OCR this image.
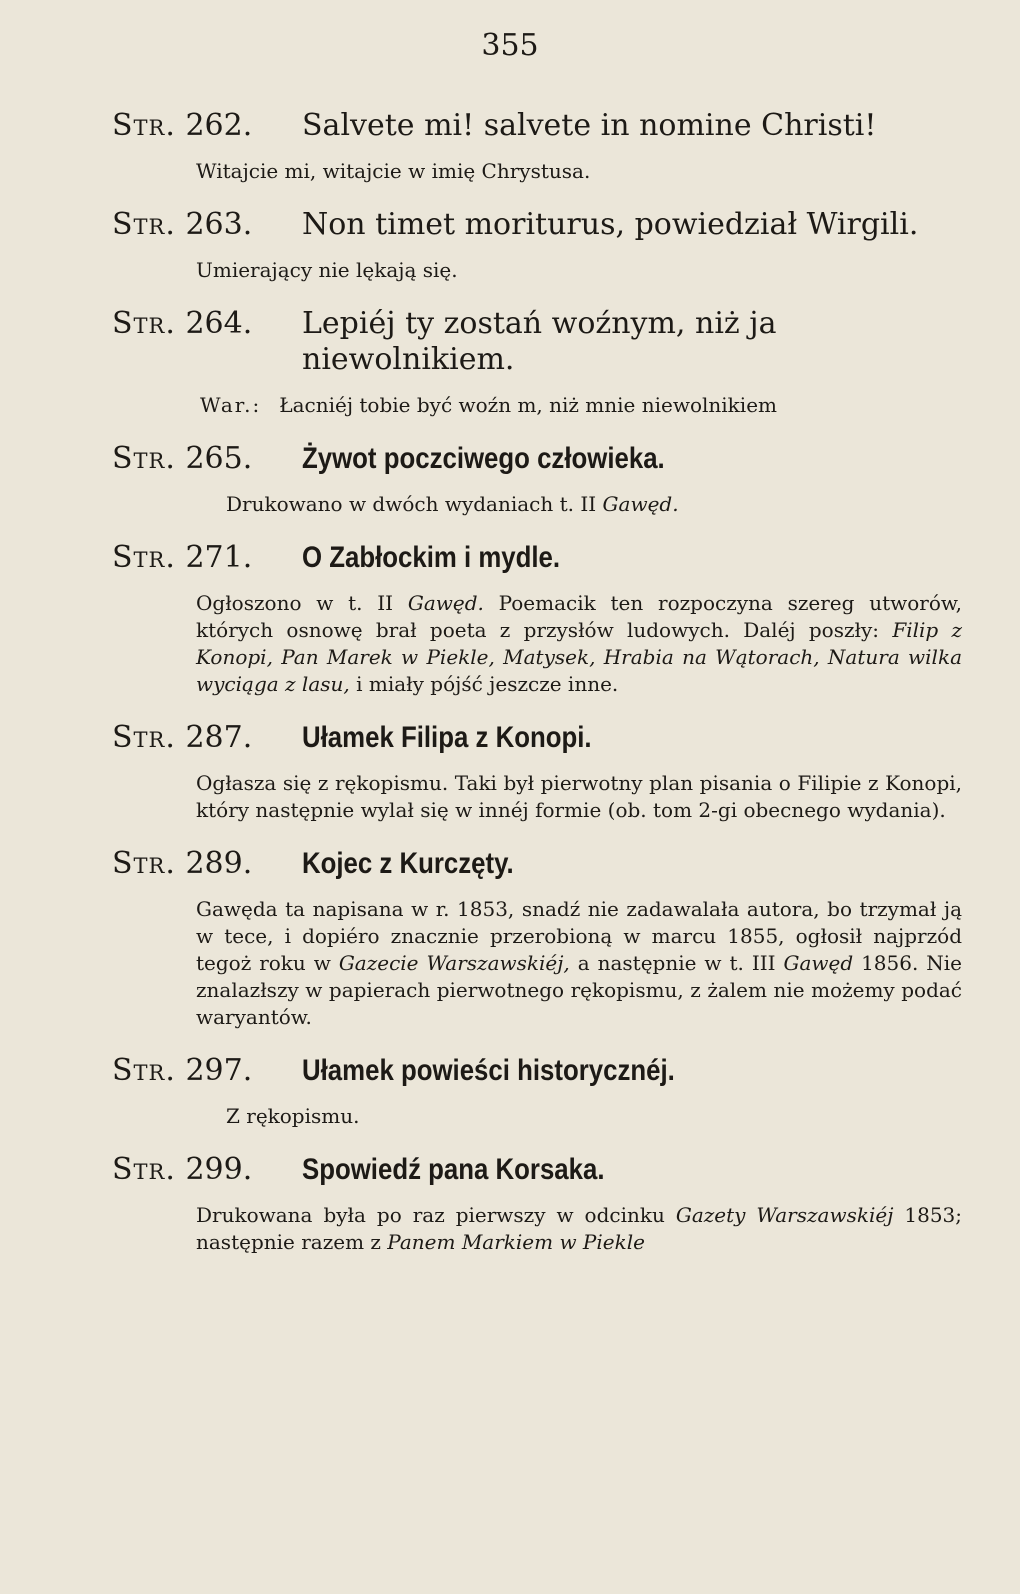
355
Str. 262.	Salvete mi! salvete in nomine Christi!
Witajcie mi, witajcie w imię Chrystusa.
Str. 263.	Non timet moriturus, powiedział Wirgili.
Umierający nie lękają się.
Str. 264.	Lepiéj ty zostań woźnym, niż ja niewolnikiem.
War.: Łacniéj tobie być woźn m, niż mnie niewolnikiem
Str. 265.	Żywot poczciwego człowieka.
Drukowano w dwóch wydaniach t. II Gawęd.
Str. 271.	O Zabłockim i mydle.
Ogłoszono w t. II Gawęd. Poemacik ten rozpoczyna szereg utworów, których osnowę brał poeta z przysłów ludowych. Daléj poszły: Filip z Konopi, Pan Marek w Piekle, Matysek, Hrabia na Wątorach, Natura wilka wyciąga z lasu, i miały pójść jeszcze inne.
Str. 287.	Ułamek Filipa z Konopi.
Ogłasza się z rękopismu. Taki był pierwotny plan pisania o Filipie z Konopi, który następnie wylał się w innéj formie (ob. tom 2-gi obecnego wydania).
Str. 289.	Kojec z Kurczęty.
Gawęda ta napisana w r. 1853, snadź nie zadawalała autora, bo trzymał ją w tece, i dopiéro znacznie przerobioną w marcu 1855, ogłosił najprzód tegoż roku w Gazecie Warszawskiéj, a następnie w t. III Gawęd 1856. Nie znalazłszy w papierach pierwotnego rękopismu, z żalem nie możemy podać waryantów.
Str. 297.	Ułamek powieści historycznéj.
Z rękopismu.
Str. 299.	Spowiedź pana Korsaka.
Drukowana była po raz pierwszy w odcinku Gazety Warszawskiéj 1853; następnie razem z Panem Markiem w Piekle
